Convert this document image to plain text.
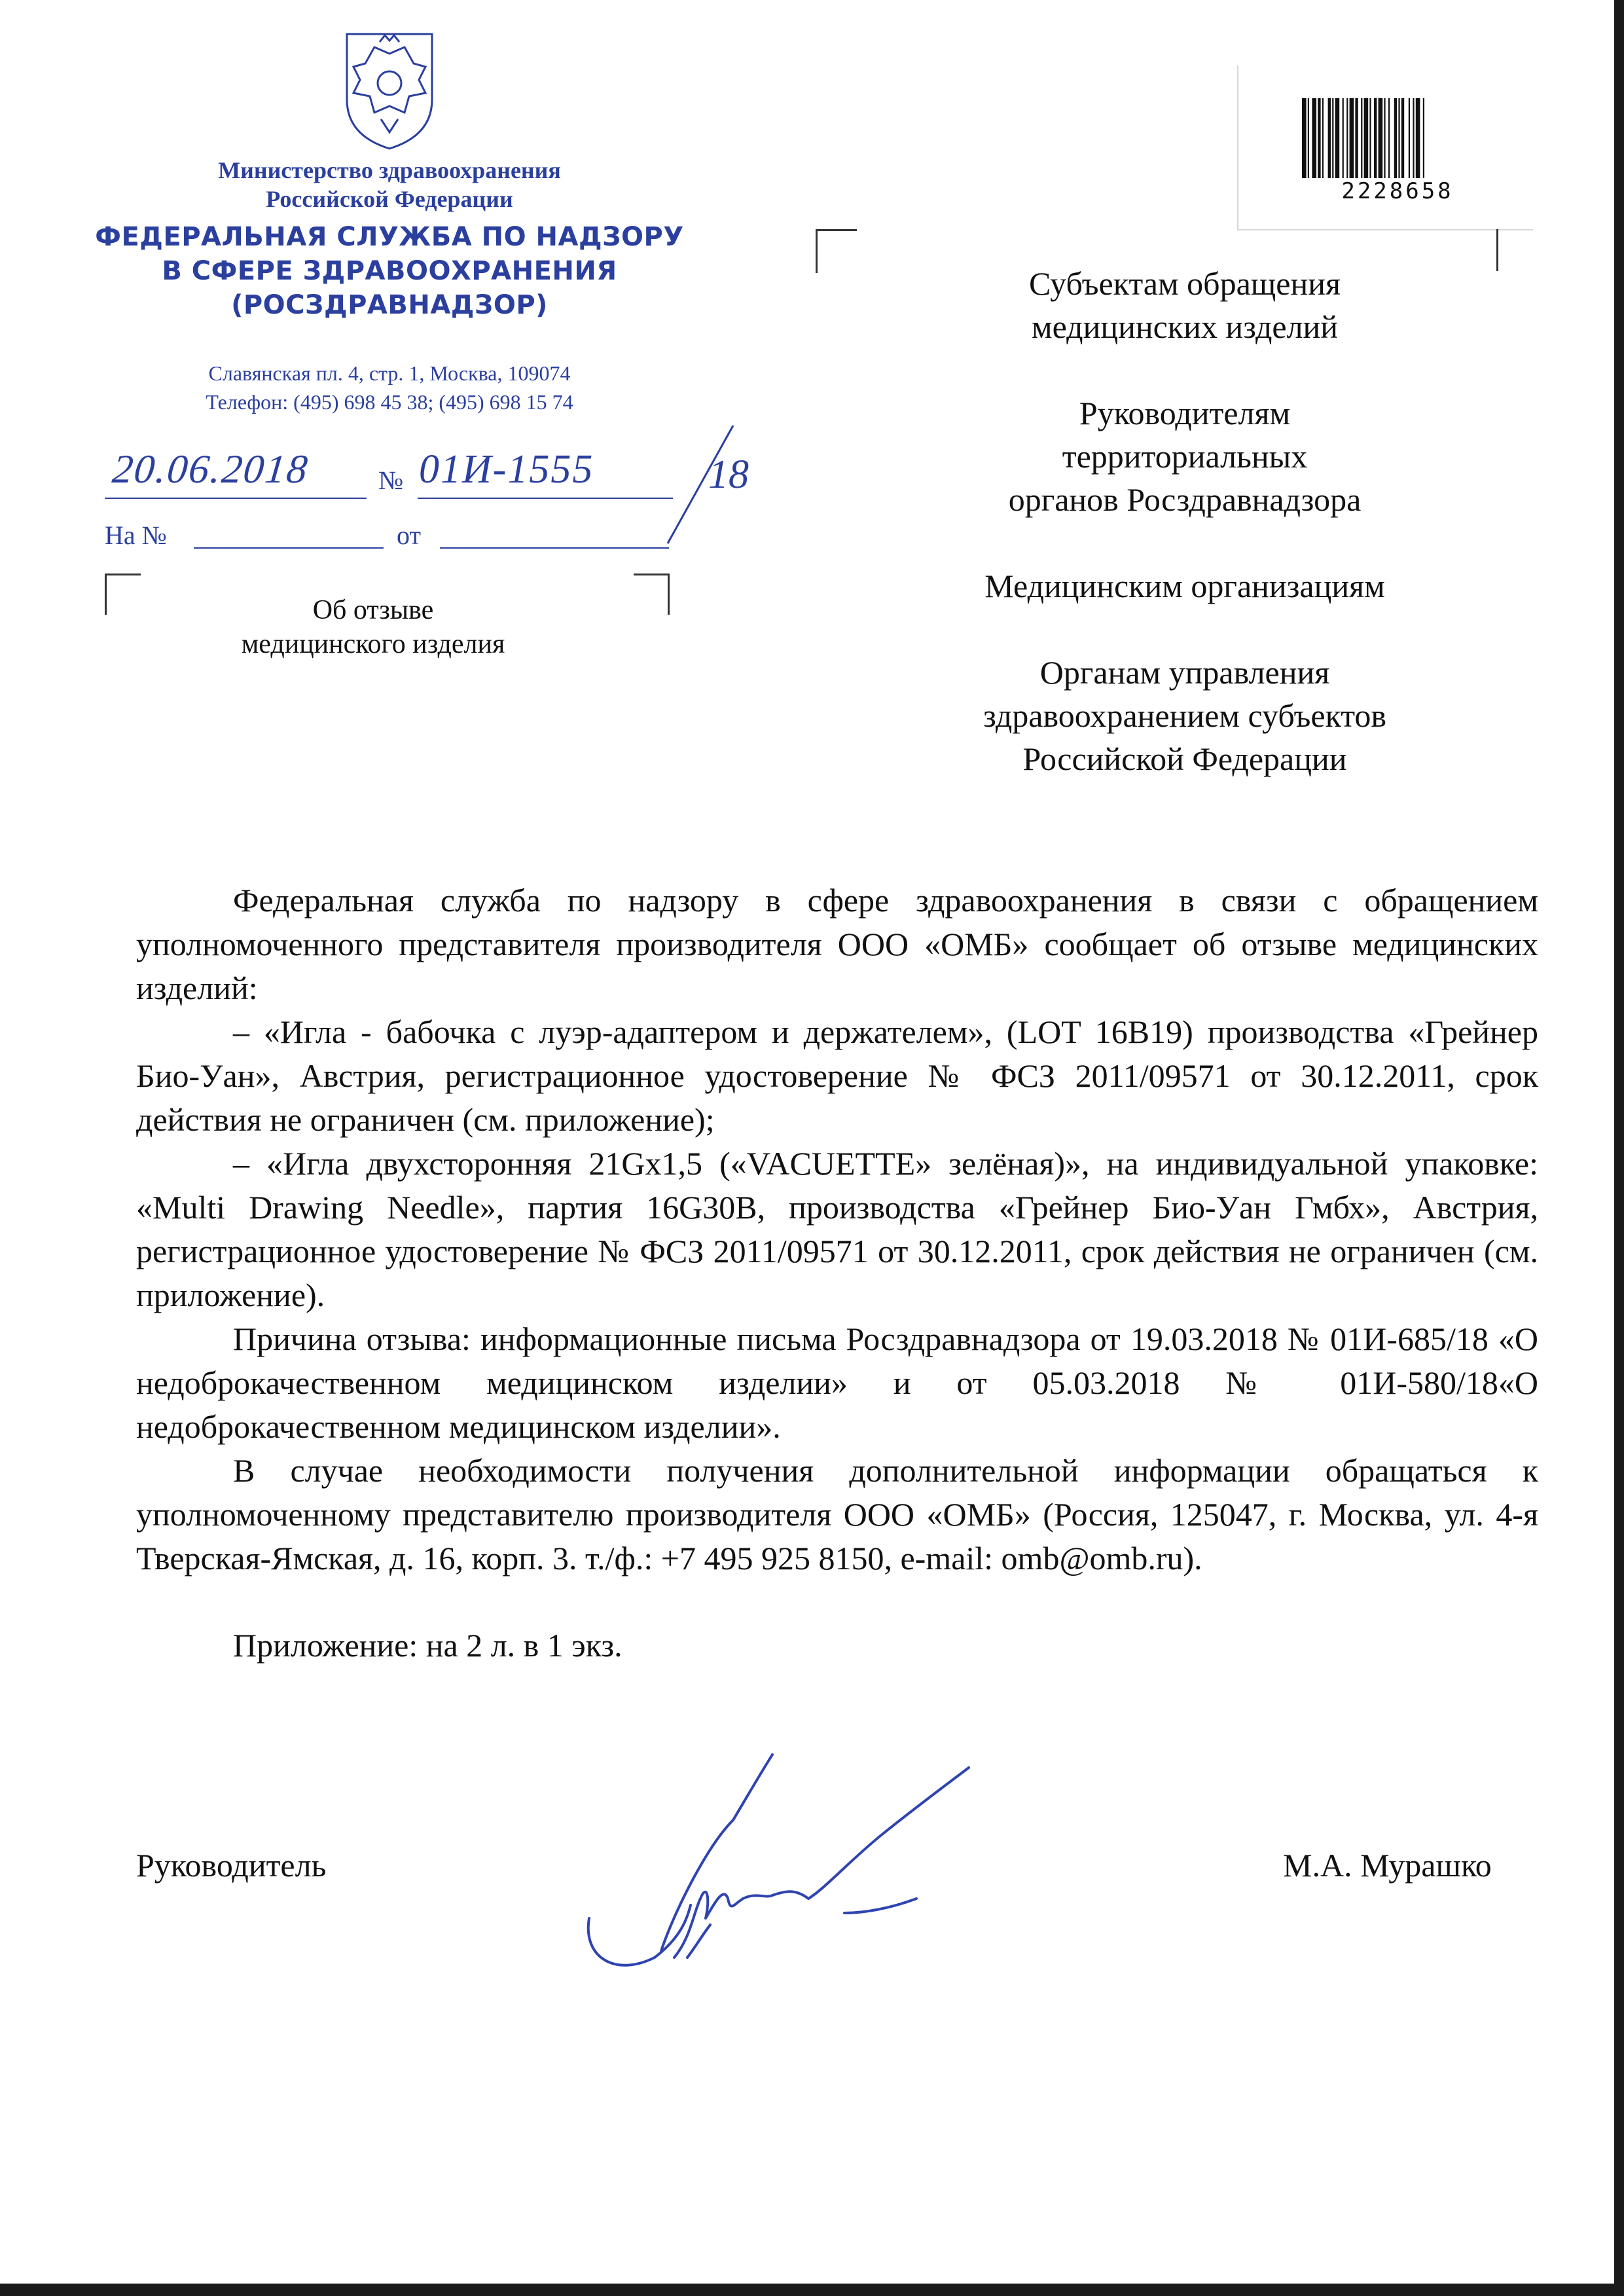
Министерство здравоохранения
Российской Федерации
ФЕДЕРАЛЬНАЯ СЛУЖБА ПО НАДЗОРУ
В СФЕРЕ ЗДРАВООХРАНЕНИЯ
(РОСЗДРАВНАДЗОР)
Славянская пл. 4, стр. 1, Москва, 109074
Телефон: (495) 698 45 38; (495) 698 15 74
20.06.2018	№ 01И-1555	18
На №	от
Об отзыве
медицинского изделия
2228658
Субъектам обращения
медицинских изделий
Руководителям
территориальных
органов Росздравнадзора
Медицинским организациям
Органам управления
здравоохранением субъектов
Российской Федерации

Федеральная служба по надзору в сфере здравоохранения в связи с обращением уполномоченного представителя производителя ООО «ОМБ» сообщает об отзыве медицинских изделий:

– «Игла - бабочка с луэр-адаптером и держателем», (LOT 16B19) производства «Грейнер Био-Уан», Австрия, регистрационное удостоверение № ФСЗ 2011/09571 от 30.12.2011, срок действия не ограничен (см. приложение);

– «Игла двухсторонняя 21Gx1,5 («VACUETTE» зелёная)», на индивидуальной упаковке: «Multi Drawing Needle», партия 16G30B, производства «Грейнер Био-Уан Гмбх», Австрия, регистрационное удостоверение № ФСЗ 2011/09571 от 30.12.2011, срок действия не ограничен (см. приложение).

Причина отзыва: информационные письма Росздравнадзора от 19.03.2018 № 01И-685/18 «О недоброкачественном медицинском изделии» и от 05.03.2018 № 01И-580/18«О недоброкачественном медицинском изделии».

В случае необходимости получения дополнительной информации обращаться к уполномоченному представителю производителя ООО «ОМБ» (Россия, 125047, г. Москва, ул. 4-я Тверская-Ямская, д. 16, корп. 3. т./ф.: +7 495 925 8150, e-mail: omb@omb.ru).

Приложение: на 2 л. в 1 экз.

Руководитель	М.А. Мурашко
